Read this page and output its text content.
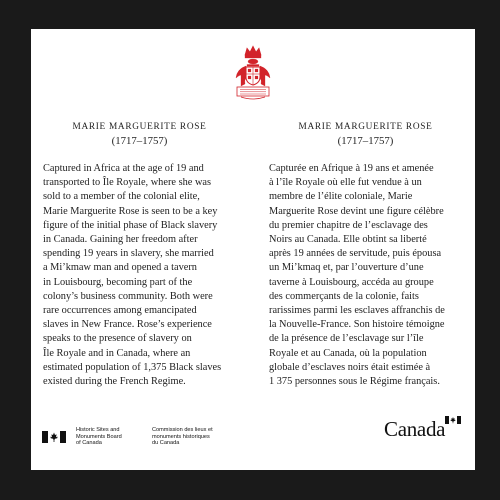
MARIE MARGUERITE ROSE

(1717–1757)

Captured in Africa at the age of 19 and
transported to Île Royale, where she was
sold to a member of the colonial elite,
Marie Marguerite Rose is seen to be a key
figure of the initial phase of Black slavery
in Canada. Gaining her freedom after
spending 19 years in slavery, she married
a Mi’kmaw man and opened a tavern
in Louisbourg, becoming part of the
colony’s business community. Both were
rare occurrences among emancipated
slaves in New France. Rose’s experience
speaks to the presence of slavery on
Île Royale and in Canada, where an
estimated population of 1,375 Black slaves
existed during the French Regime.

MARIE MARGUERITE ROSE

(1717–1757)

Capturée en Afrique à 19 ans et amenée
à l’île Royale où elle fut vendue à un
membre de l’élite coloniale, Marie
Marguerite Rose devint une figure célèbre
du premier chapitre de l’esclavage des
Noirs au Canada. Elle obtint sa liberté
après 19 années de servitude, puis épousa
un Mi’kmaq et, par l’ouverture d’une
taverne à Louisbourg, accéda au groupe
des commerçants de la colonie, faits
rarissimes parmi les esclaves affranchis de
la Nouvelle-France. Son histoire témoigne
de la présence de l’esclavage sur l’île
Royale et au Canada, où la population
globale d’esclaves noirs était estimée à
1 375 personnes sous le Régime français.

Historic Sites and
Monuments Board
of Canada
Commission des lieux et
monuments historiques
du Canada
Canada
